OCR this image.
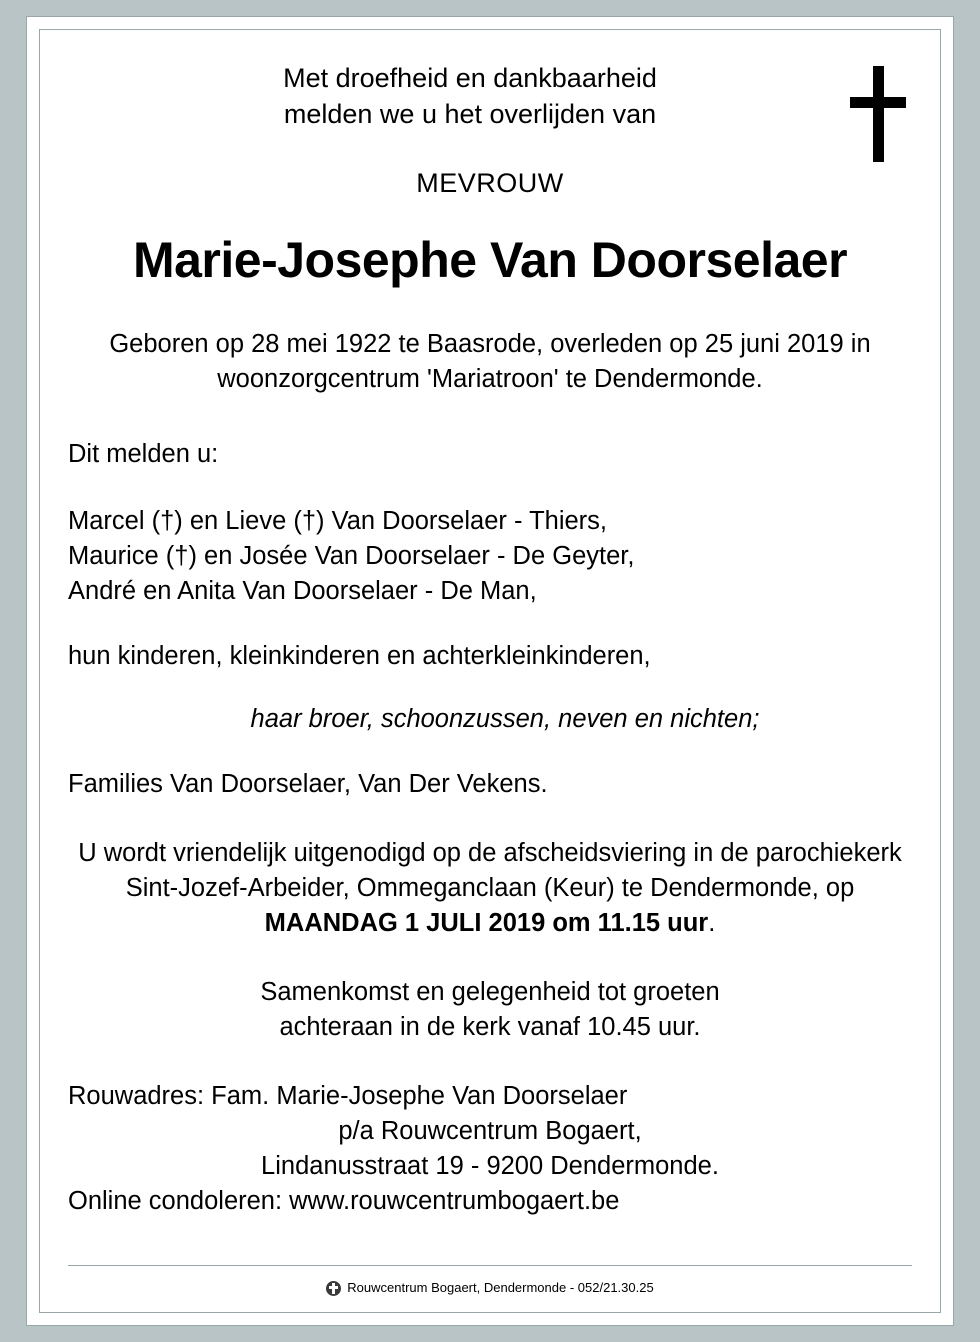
Met droefheid en dankbaarheid
melden we u het overlijden van
MEVROUW
Marie-Josephe Van Doorselaer
Geboren op 28 mei 1922 te Baasrode, overleden op 25 juni 2019 in woonzorgcentrum 'Mariatroon' te Dendermonde.
Dit melden u:
Marcel (†) en Lieve (†) Van Doorselaer - Thiers,
Maurice (†) en Josée Van Doorselaer - De Geyter,
André en Anita Van Doorselaer - De Man,
hun kinderen, kleinkinderen en achterkleinkinderen,
haar broer, schoonzussen, neven en nichten;
Families Van Doorselaer, Van Der Vekens.
U wordt vriendelijk uitgenodigd op de afscheidsviering in de parochiekerk Sint-Jozef-Arbeider, Ommeganclaan (Keur) te Dendermonde, op MAANDAG 1 JULI 2019 om 11.15 uur.
Samenkomst en gelegenheid tot groeten
achteraan in de kerk vanaf 10.45 uur.
Rouwadres: Fam. Marie-Josephe Van Doorselaer
p/a Rouwcentrum Bogaert,
Lindanusstraat 19 - 9200 Dendermonde.
Online condoleren: www.rouwcentrumbogaert.be
Rouwcentrum Bogaert, Dendermonde - 052/21.30.25
